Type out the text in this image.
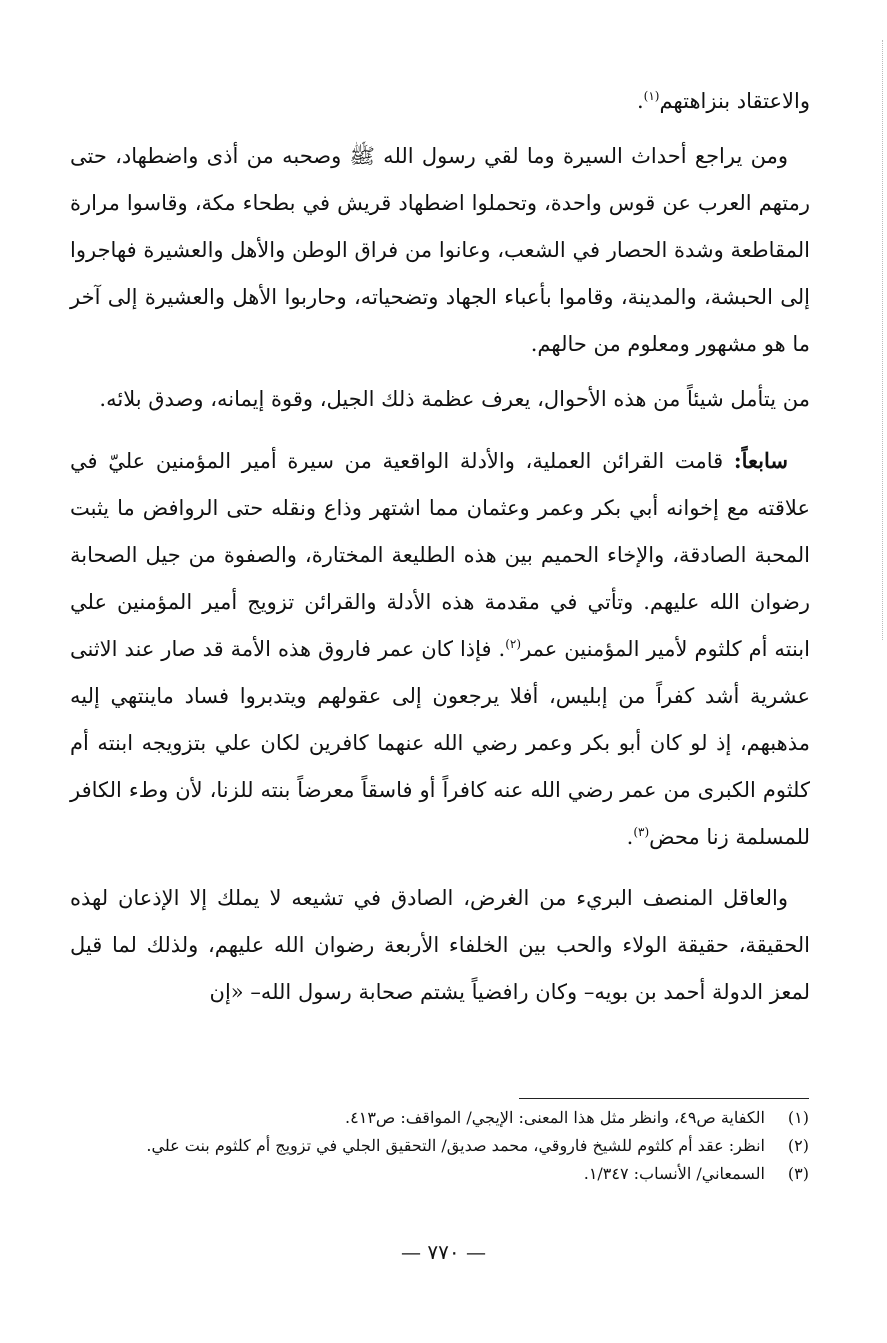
والاعتقاد بنزاهتهم$^{(١)}$.

ومن يراجع أحداث السيرة وما لقي رسول الله ﷺ وصحبه من أذى واضطهاد، حتى رمتهم العرب عن قوس واحدة، وتحملوا اضطهاد قريش في بطحاء مكة، وقاسوا مرارة المقاطعة وشدة الحصار في الشعب، وعانوا من فراق الوطن والأهل والعشيرة فهاجروا إلى الحبشة، والمدينة، وقاموا بأعباء الجهاد وتضحياته، وحاربوا الأهل والعشيرة إلى آخر ما هو مشهور ومعلوم من حالهم.

من يتأمل شيئاً من هذه الأحوال، يعرف عظمة ذلك الجيل، وقوة إيمانه، وصدق بلائه.

سابعاً: قامت القرائن العملية، والأدلة الواقعية من سيرة أمير المؤمنين عليّ في علاقته مع إخوانه أبي بكر وعمر وعثمان مما اشتهر وذاع ونقله حتى الروافض ما يثبت المحبة الصادقة، والإخاء الحميم بين هذه الطليعة المختارة، والصفوة من جيل الصحابة رضوان الله عليهم. وتأتي في مقدمة هذه الأدلة والقرائن تزويج أمير المؤمنين علي ابنته أم كلثوم لأمير المؤمنين عمر$^{(٢)}$. فإذا كان عمر فاروق هذه الأمة قد صار عند الاثنى عشرية أشد كفراً من إبليس، أفلا يرجعون إلى عقولهم ويتدبروا فساد ماينتهي إليه مذهبهم، إذ لو كان أبو بكر وعمر رضي الله عنهما كافرين لكان علي بتزويجه ابنته أم كلثوم الكبرى من عمر رضي الله عنه كافراً أو فاسقاً معرضاً بنته للزنا، لأن وطء الكافر للمسلمة زنا محض$^{(٣)}$.

والعاقل المنصف البريء من الغرض، الصادق في تشيعه لا يملك إلا الإذعان لهذه الحقيقة، حقيقة الولاء والحب بين الخلفاء الأربعة رضوان الله عليهم، ولذلك لما قيل لمعز الدولة أحمد بن بويه– وكان رافضياً يشتم صحابة رسول الله– «إن

(١)
الكفاية ص٤٩، وانظر مثل هذا المعنى: الإيجي/ المواقف: ص٤١٣.
(٢)
انظر: عقد أم كلثوم للشيخ فاروقي، محمد صديق/ التحقيق الجلي في تزويج أم كلثوم بنت علي.
(٣)
السمعاني/ الأنساب: ١/٣٤٧.
— ٧٧٠ —
